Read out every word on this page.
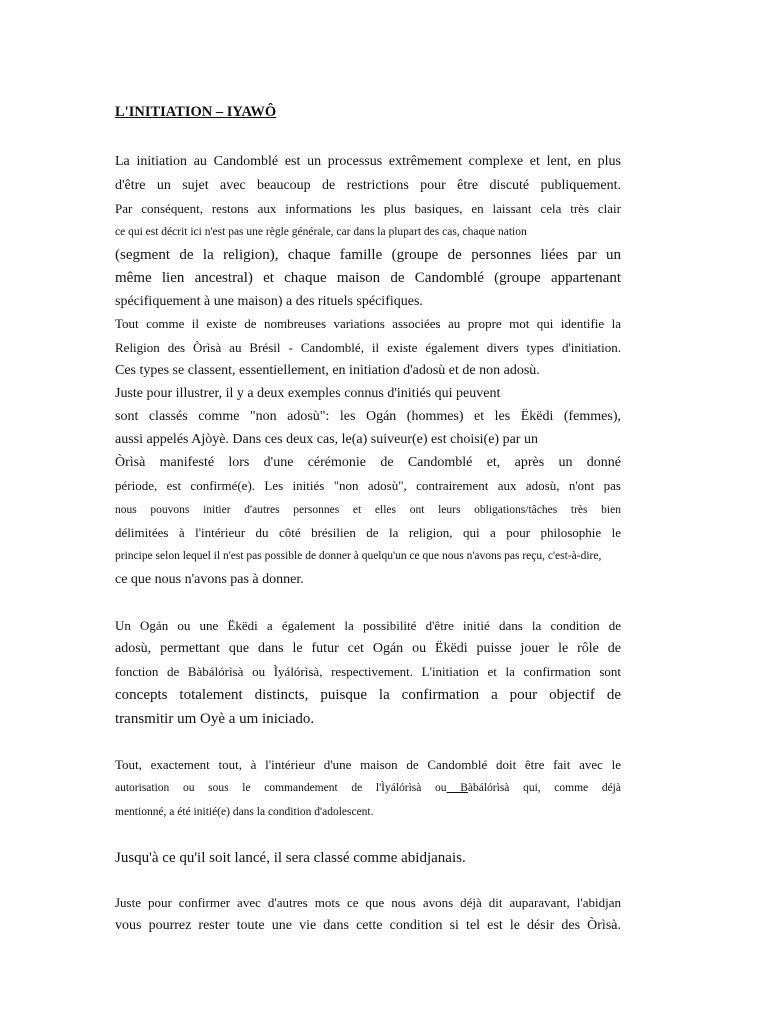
L'INITIATION – IYAWÔ
La initiation au Candomblé est un processus extrêmement complexe et lent, en plus
d'être un sujet avec beaucoup de restrictions pour être discuté publiquement.
Par conséquent, restons aux informations les plus basiques, en laissant cela très clair
ce qui est décrit ici n'est pas une règle générale, car dans la plupart des cas, chaque nation
(segment de la religion), chaque famille (groupe de personnes liées par un
même lien ancestral) et chaque maison de Candomblé (groupe appartenant
spécifiquement à une maison) a des rituels spécifiques.
Tout comme il existe de nombreuses variations associées au propre mot qui identifie la
Religion des Òrìsà au Brésil - Candomblé, il existe également divers types d'initiation.
Ces types se classent, essentiellement, en initiation d'adosù et de non adosù.
Juste pour illustrer, il y a deux exemples connus d'initiés qui peuvent
sont classés comme "non adosù": les Ogán (hommes) et les Ëkëdi (femmes),
aussi appelés Ajòyè. Dans ces deux cas, le(a) suiveur(e) est choisi(e) par un
Òrìsà manifesté lors d'une cérémonie de Candomblé et, après un donné
période, est confirmé(e). Les initiés "non adosù", contrairement aux adosù, n'ont pas
nous pouvons initier d'autres personnes et elles ont leurs obligations/tâches très bien
délimitées à l'intérieur du côté brésilien de la religion, qui a pour philosophie le
principe selon lequel il n'est pas possible de donner à quelqu'un ce que nous n'avons pas reçu, c'est-à-dire,
ce que nous n'avons pas à donner.
Un Ogán ou une Ëkëdi a également la possibilité d'être initié dans la condition de
adosù, permettant que dans le futur cet Ogán ou Ëkëdi puisse jouer le rôle de
fonction de Bàbálórìsà ou Ìyálórìsà, respectivement. L'initiation et la confirmation sont
concepts totalement distincts, puisque la confirmation a pour objectif de
transmitir um Oyè a um iniciado.
Tout, exactement tout, à l'intérieur d'une maison de Candomblé doit être fait avec le
autorisation ou sous le commandement de l'Ìyálórìsà ou Bàbálórìsà qui, comme déjà
mentionné, a été initié(e) dans la condition d'adolescent.
Jusqu'à ce qu'il soit lancé, il sera classé comme abidjanais.
Juste pour confirmer avec d'autres mots ce que nous avons déjà dit auparavant, l'abidjan
vous pourrez rester toute une vie dans cette condition si tel est le désir des Òrìsà.
